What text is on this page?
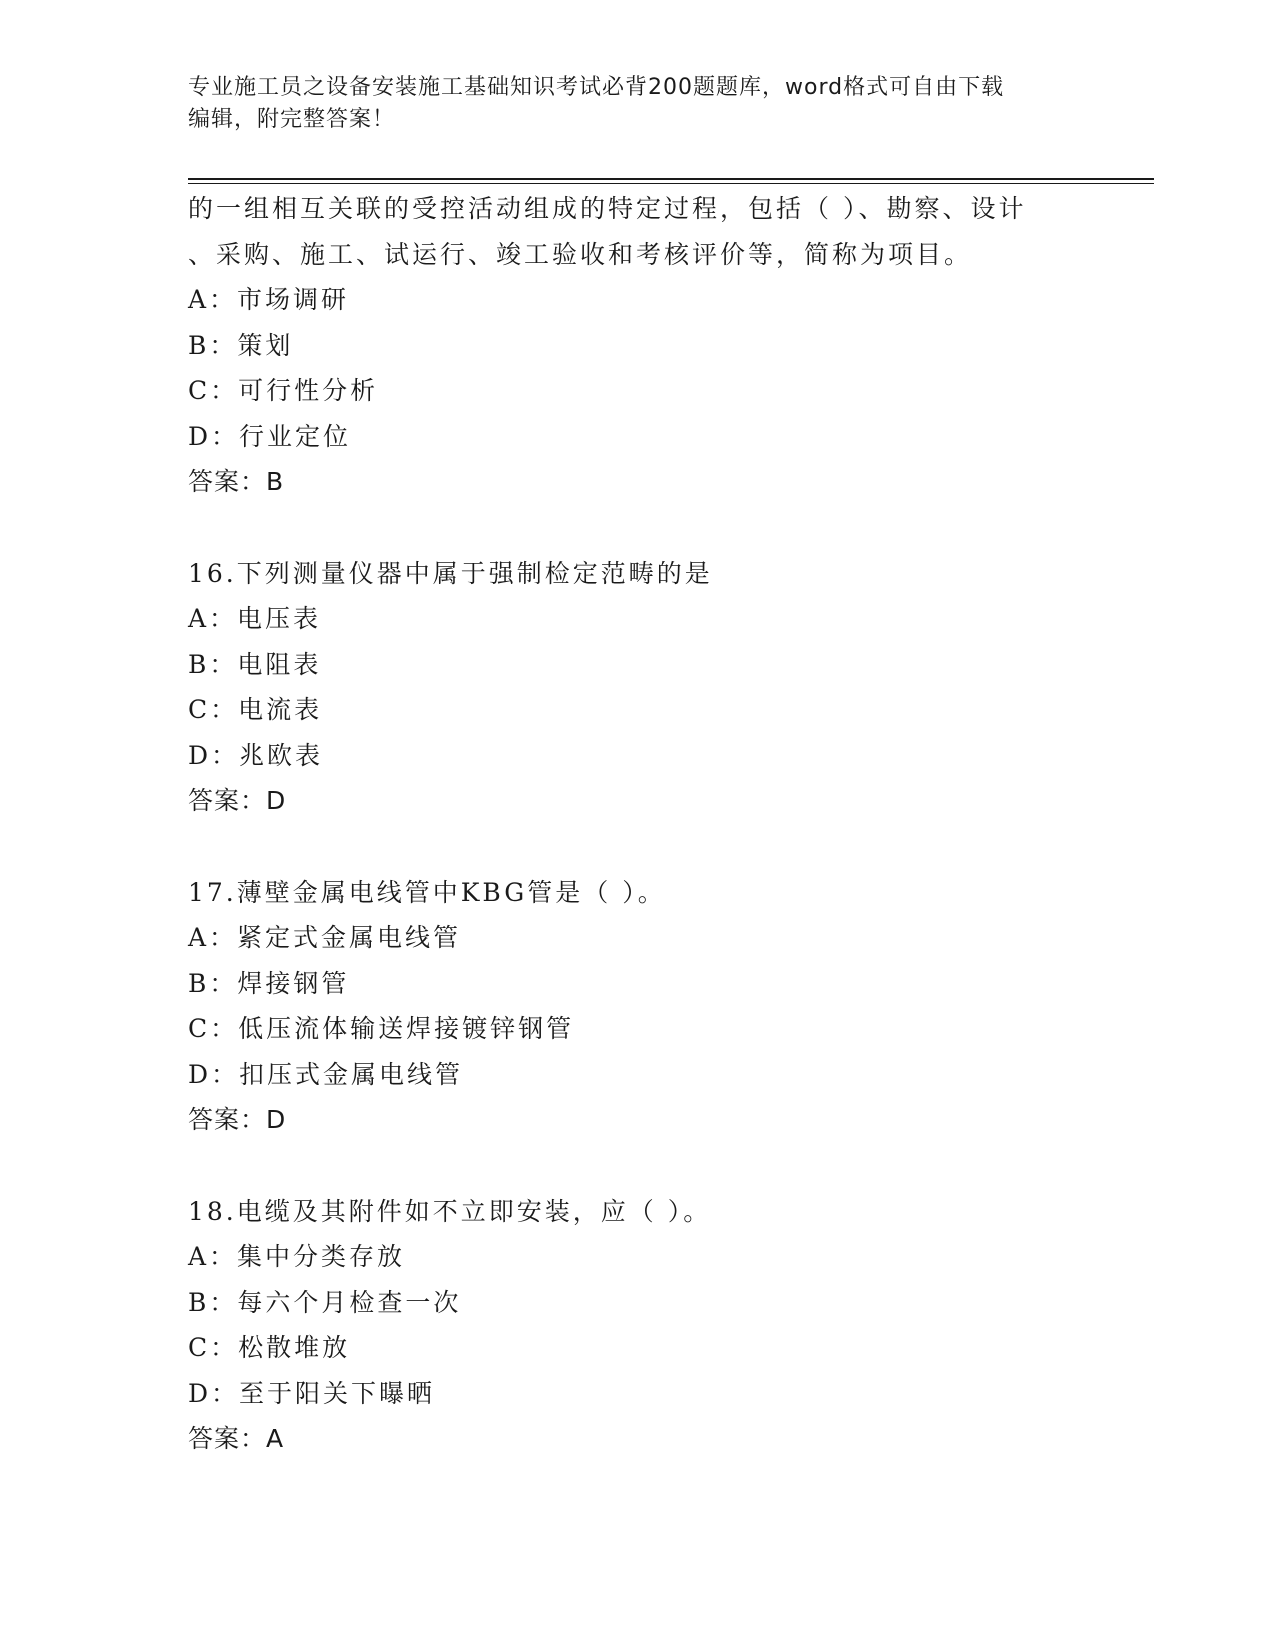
专业施工员之设备安装施工基础知识考试必背200题题库，word格式可自由下载
编辑，附完整答案！
的一组相互关联的受控活动组成的特定过程，包括（ ）、勘察、设计
、采购、施工、试运行、竣工验收和考核评价等，简称为项目。
A：市场调研
B：策划
C：可行性分析
D：行业定位
答案：B
16.下列测量仪器中属于强制检定范畴的是
A：电压表
B：电阻表
C：电流表
D：兆欧表
答案：D
17.薄壁金属电线管中KBG管是（ ）。
A：紧定式金属电线管
B：焊接钢管
C：低压流体输送焊接镀锌钢管
D：扣压式金属电线管
答案：D
18.电缆及其附件如不立即安装，应（ ）。
A：集中分类存放
B：每六个月检查一次
C：松散堆放
D：至于阳关下曝晒
答案：A
